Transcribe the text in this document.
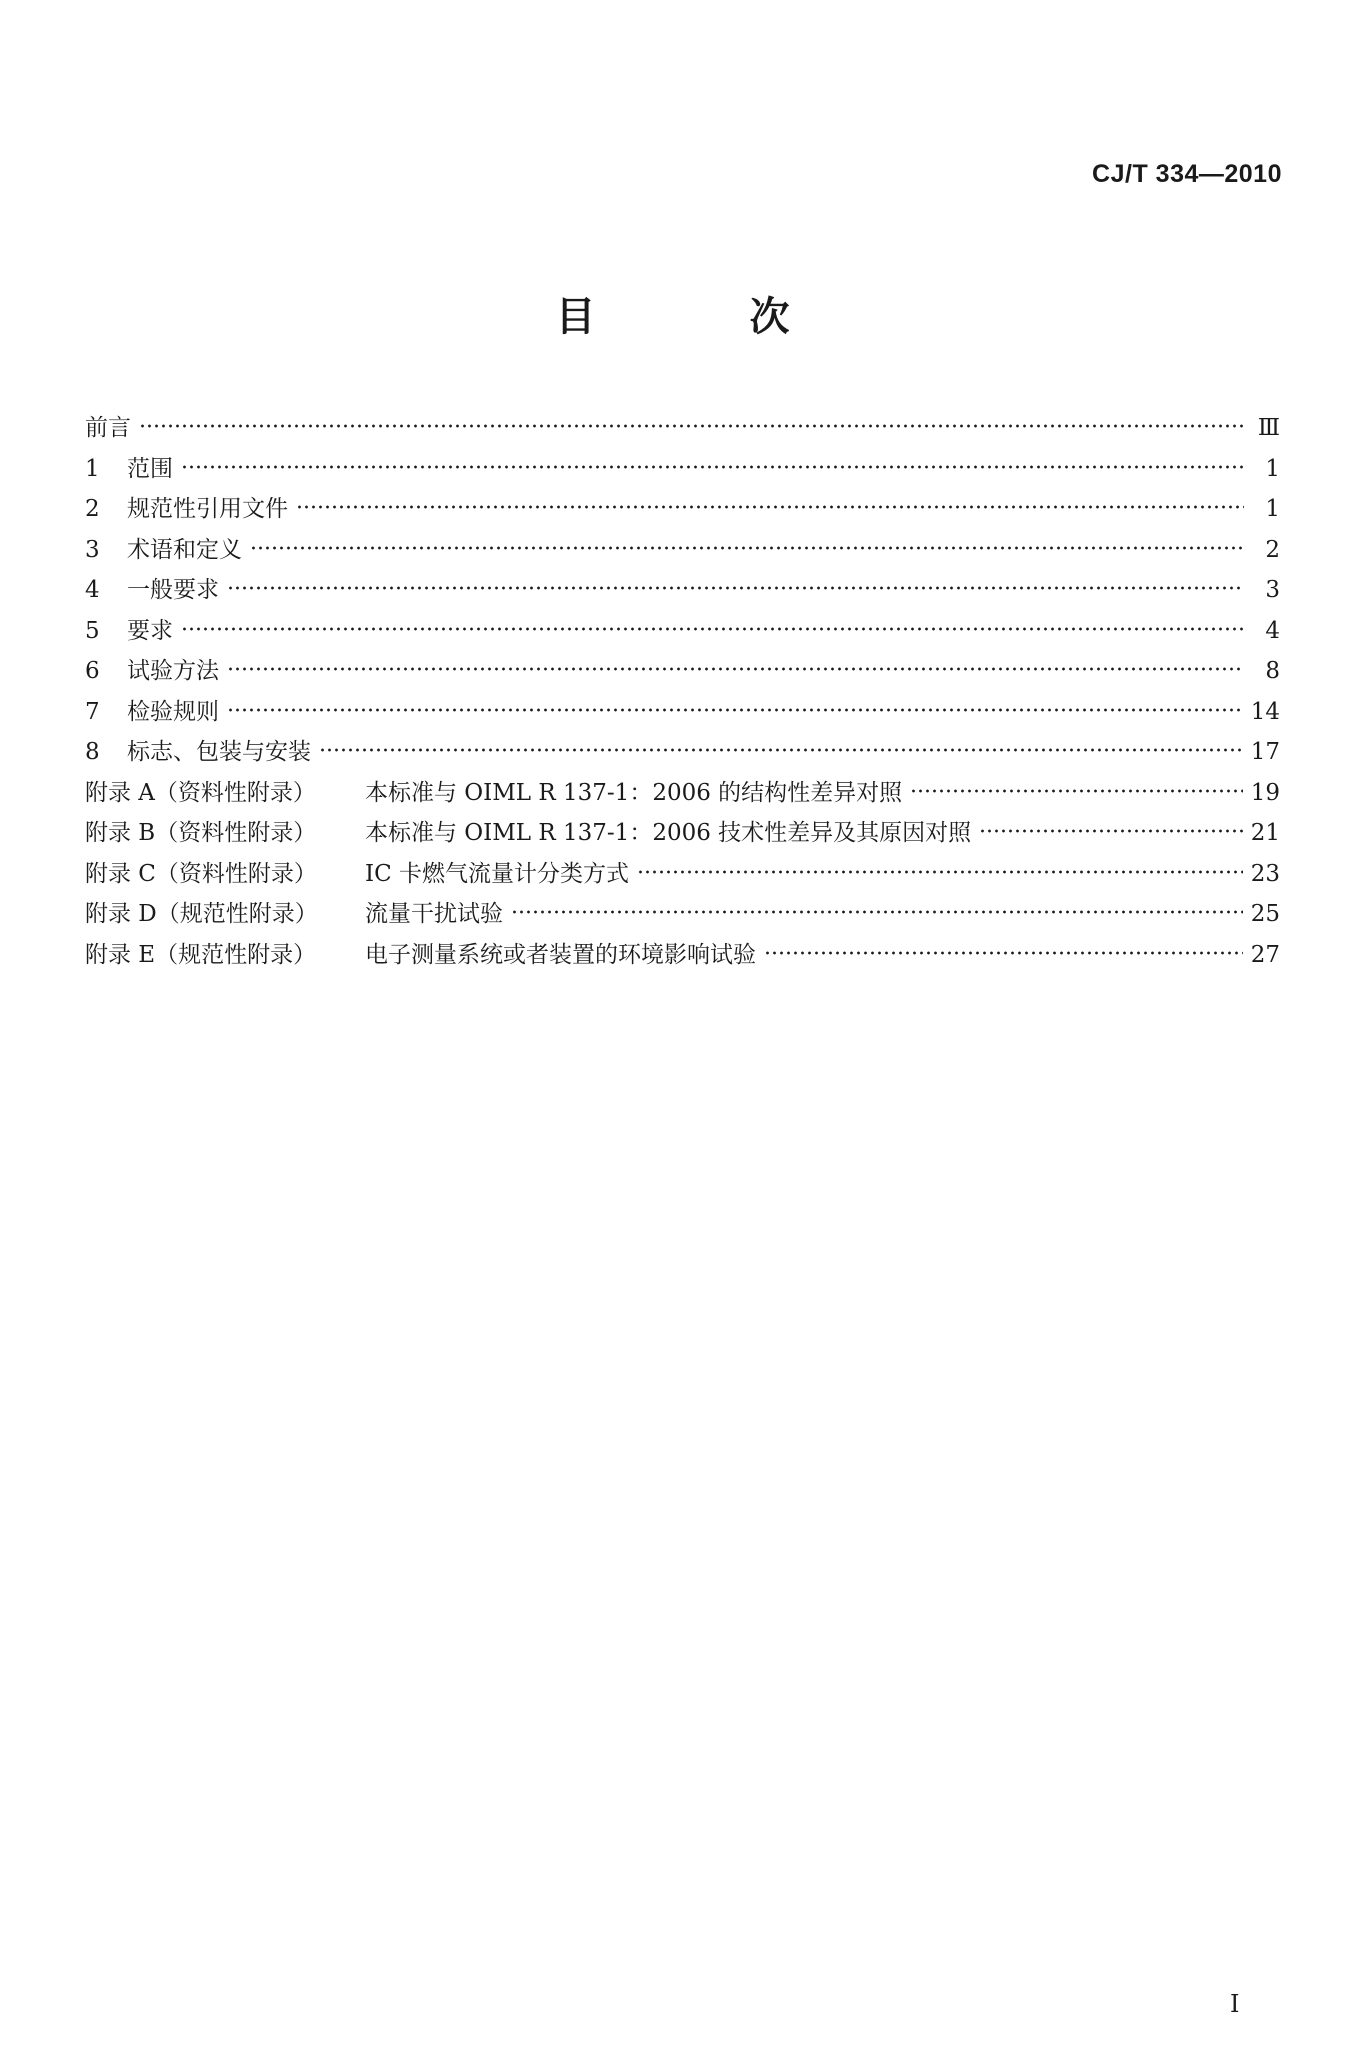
CJ/T 334—2010
目 次
前言	Ⅲ
1	范围	1
2	规范性引用文件	1
3	术语和定义	2
4	一般要求	3
5	要求	4
6	试验方法	8
7	检验规则	14
8	标志、包装与安装	17
附录 A（资料性附录）	本标准与 OIML R 137-1：2006 的结构性差异对照	19
附录 B（资料性附录）	本标准与 OIML R 137-1：2006 技术性差异及其原因对照	21
附录 C（资料性附录）	IC 卡燃气流量计分类方式	23
附录 D（规范性附录）	流量干扰试验	25
附录 E（规范性附录）	电子测量系统或者装置的环境影响试验	27
I
